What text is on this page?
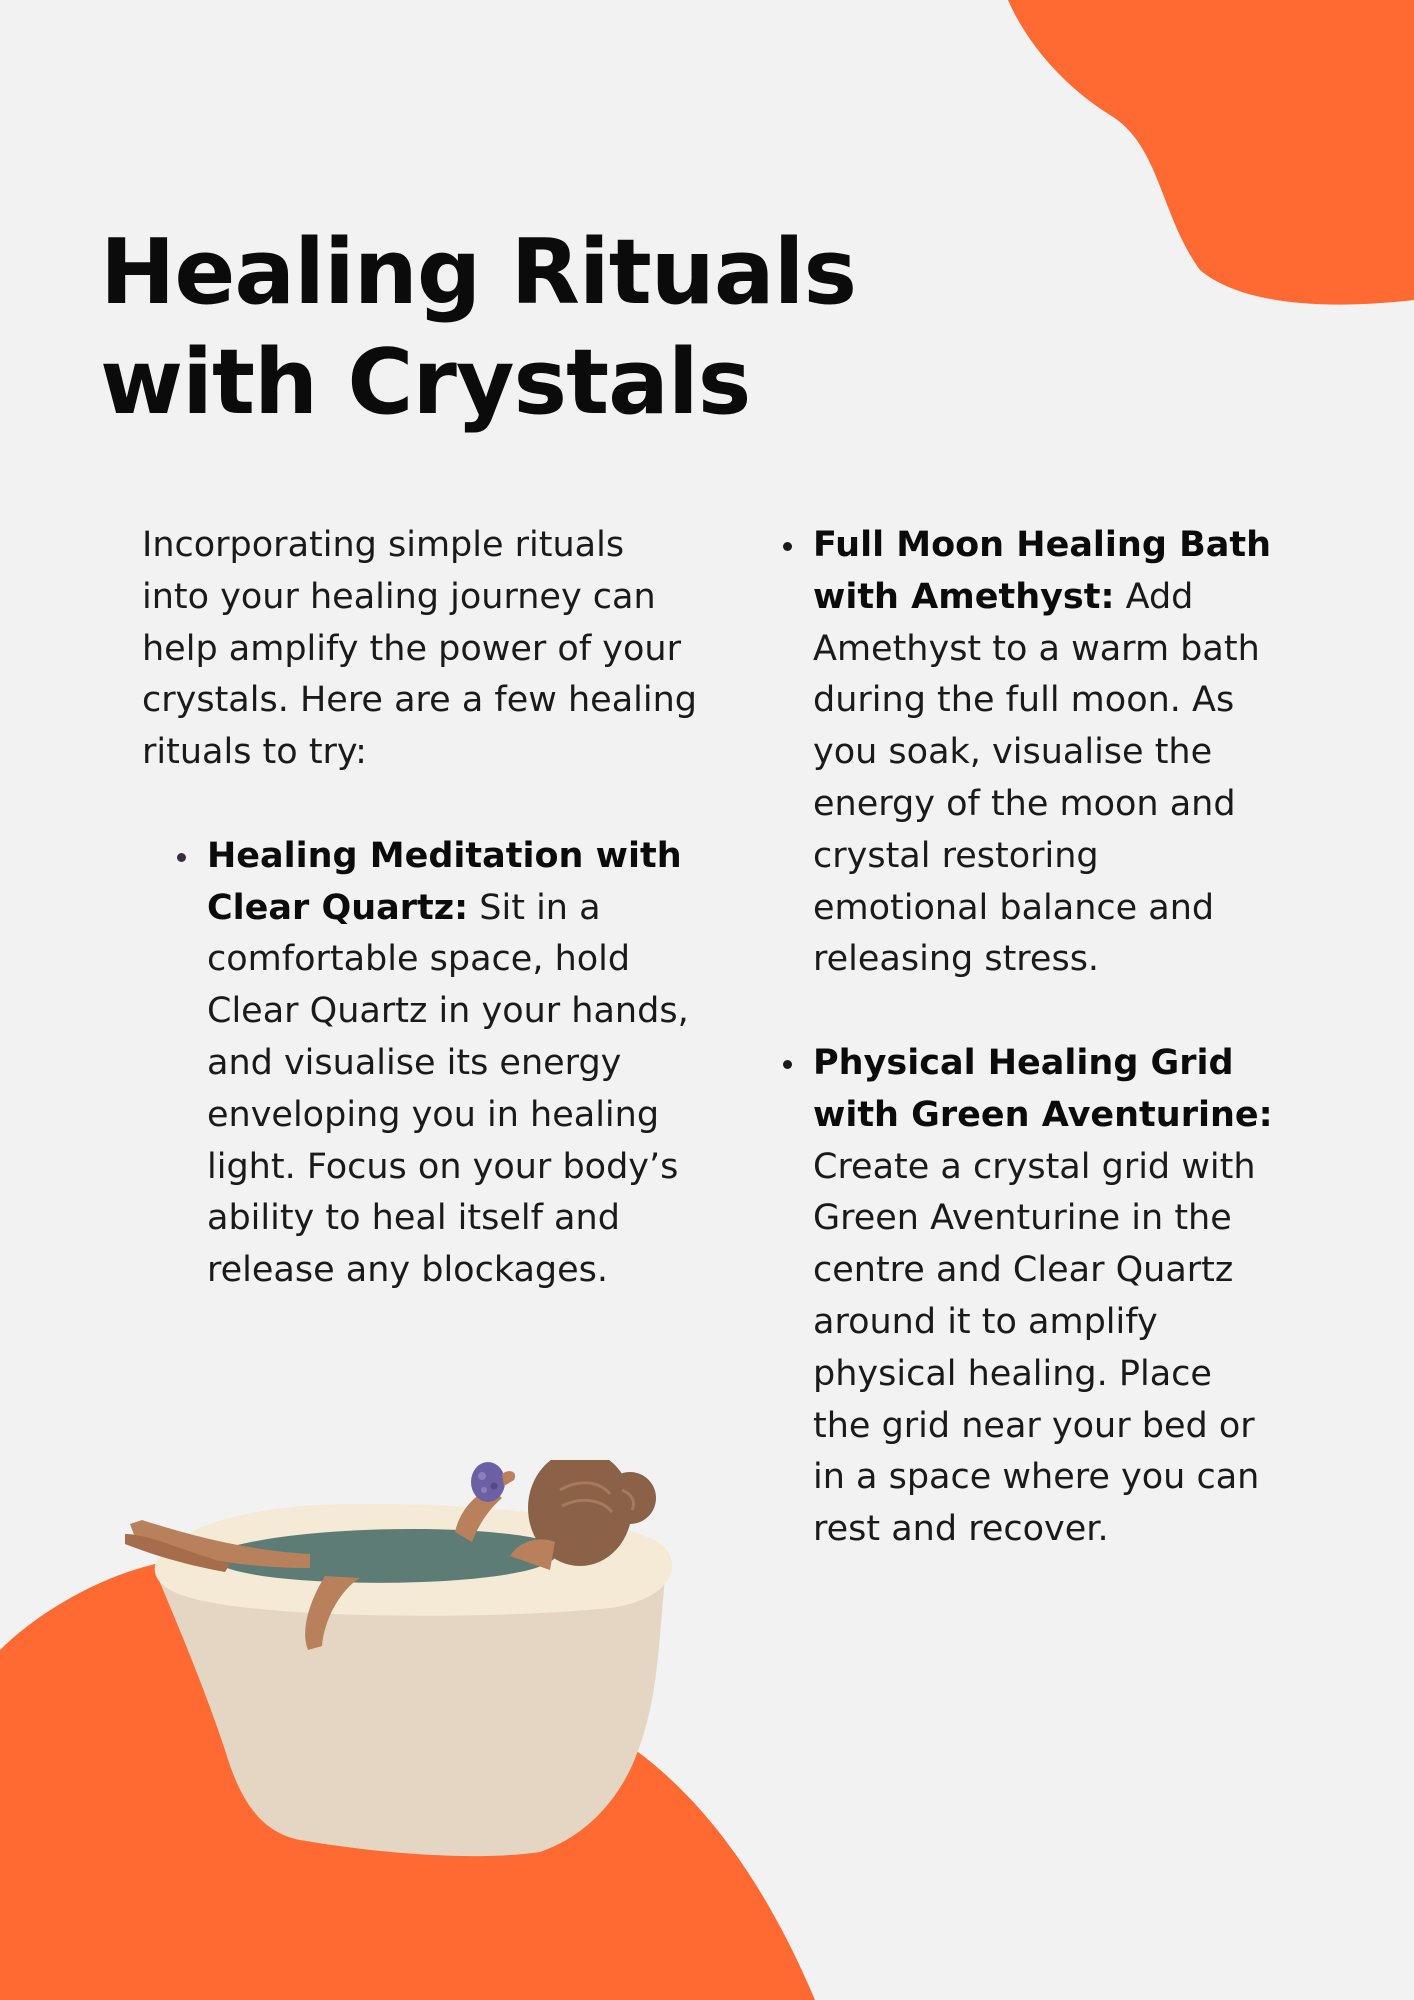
Healing Rituals with Crystals

Incorporating simple rituals into your healing journey can help amplify the power of your crystals. Here are a few healing rituals to try:

Healing Meditation with Clear Quartz: Sit in a comfortable space, hold Clear Quartz in your hands, and visualise its energy enveloping you in healing light. Focus on your body’s ability to heal itself and release any blockages.
Full Moon Healing Bath with Amethyst: Add Amethyst to a warm bath during the full moon. As you soak, visualise the energy of the moon and crystal restoring emotional balance and releasing stress.
Physical Healing Grid with Green Aventurine: Create a crystal grid with Green Aventurine in the centre and Clear Quartz around it to amplify physical healing. Place the grid near your bed or in a space where you can rest and recover.
